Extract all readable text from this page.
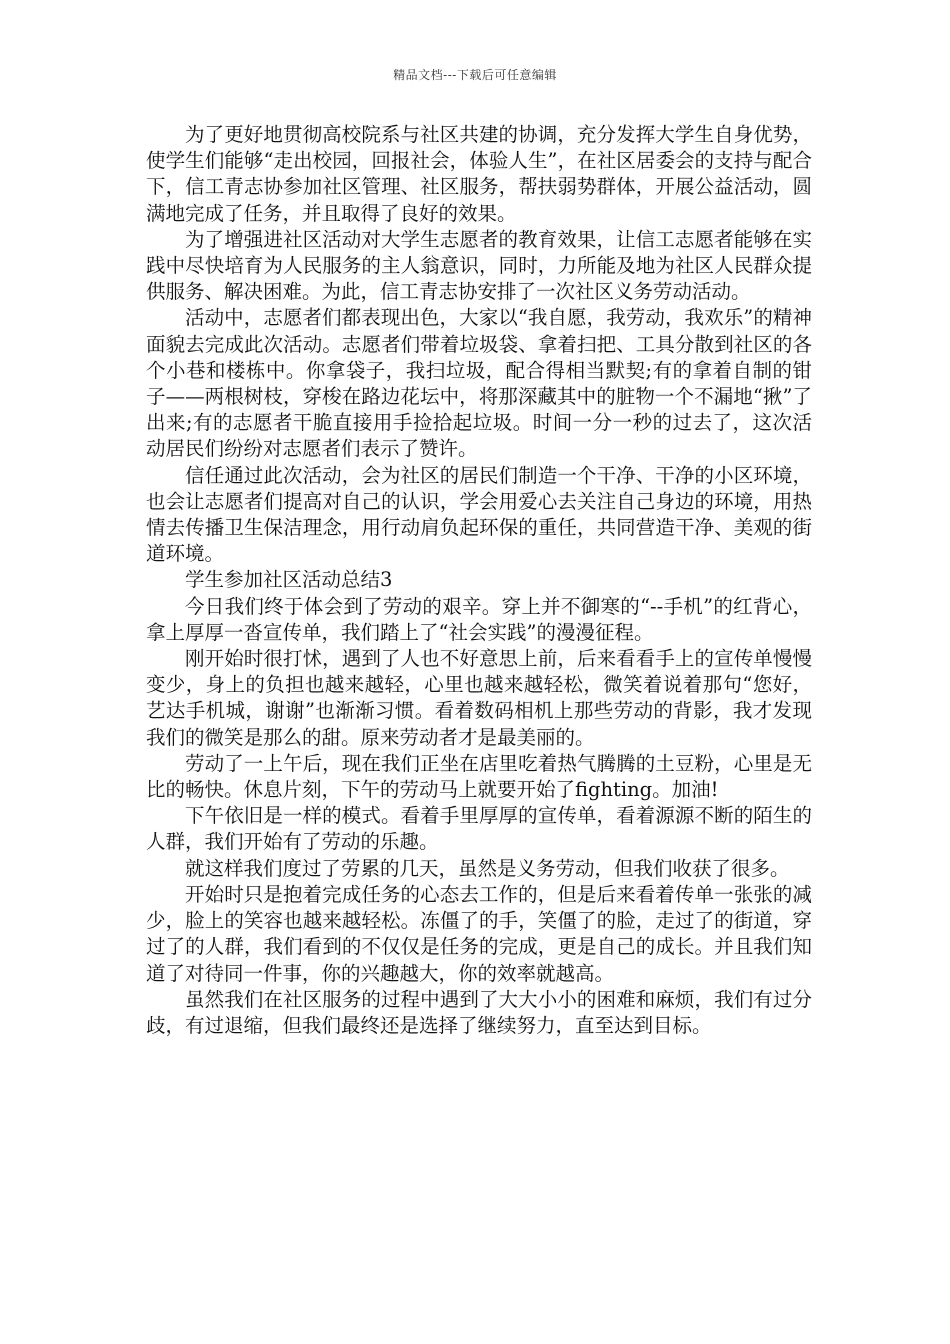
精品文档---下载后可任意编辑

为了更好地贯彻高校院系与社区共建的协调，充分发挥大学生自身优势，使学生们能够“走出校园，回报社会，体验人生”，在社区居委会的支持与配合下，信工青志协参加社区管理、社区服务，帮扶弱势群体，开展公益活动，圆满地完成了任务，并且取得了良好的效果。

为了增强进社区活动对大学生志愿者的教育效果，让信工志愿者能够在实践中尽快培育为人民服务的主人翁意识，同时，力所能及地为社区人民群众提供服务、解决困难。为此，信工青志协安排了一次社区义务劳动活动。

活动中，志愿者们都表现出色，大家以“我自愿，我劳动，我欢乐”的精神面貌去完成此次活动。志愿者们带着垃圾袋、拿着扫把、工具分散到社区的各个小巷和楼栋中。你拿袋子，我扫垃圾，配合得相当默契;有的拿着自制的钳子——两根树枝，穿梭在路边花坛中，将那深藏其中的脏物一个不漏地“揪”了出来;有的志愿者干脆直接用手捡拾起垃圾。时间一分一秒的过去了，这次活动居民们纷纷对志愿者们表示了赞许。

信任通过此次活动，会为社区的居民们制造一个干净、干净的小区环境，也会让志愿者们提高对自己的认识，学会用爱心去关注自己身边的环境，用热情去传播卫生保洁理念，用行动肩负起环保的重任，共同营造干净、美观的街道环境。

学生参加社区活动总结3

今日我们终于体会到了劳动的艰辛。穿上并不御寒的“--手机”的红背心，拿上厚厚一沓宣传单，我们踏上了“社会实践”的漫漫征程。

刚开始时很打怵，遇到了人也不好意思上前，后来看看手上的宣传单慢慢变少，身上的负担也越来越轻，心里也越来越轻松，微笑着说着那句“您好，艺达手机城，谢谢”也渐渐习惯。看着数码相机上那些劳动的背影，我才发现我们的微笑是那么的甜。原来劳动者才是最美丽的。

劳动了一上午后，现在我们正坐在店里吃着热气腾腾的土豆粉，心里是无比的畅快。休息片刻，下午的劳动马上就要开始了fighting。加油!

下午依旧是一样的模式。看着手里厚厚的宣传单，看着源源不断的陌生的人群，我们开始有了劳动的乐趣。

就这样我们度过了劳累的几天，虽然是义务劳动，但我们收获了很多。

开始时只是抱着完成任务的心态去工作的，但是后来看着传单一张张的减少，脸上的笑容也越来越轻松。冻僵了的手，笑僵了的脸，走过了的街道，穿过了的人群，我们看到的不仅仅是任务的完成，更是自己的成长。并且我们知道了对待同一件事，你的兴趣越大，你的效率就越高。

虽然我们在社区服务的过程中遇到了大大小小的困难和麻烦，我们有过分歧，有过退缩，但我们最终还是选择了继续努力，直至达到目标。
